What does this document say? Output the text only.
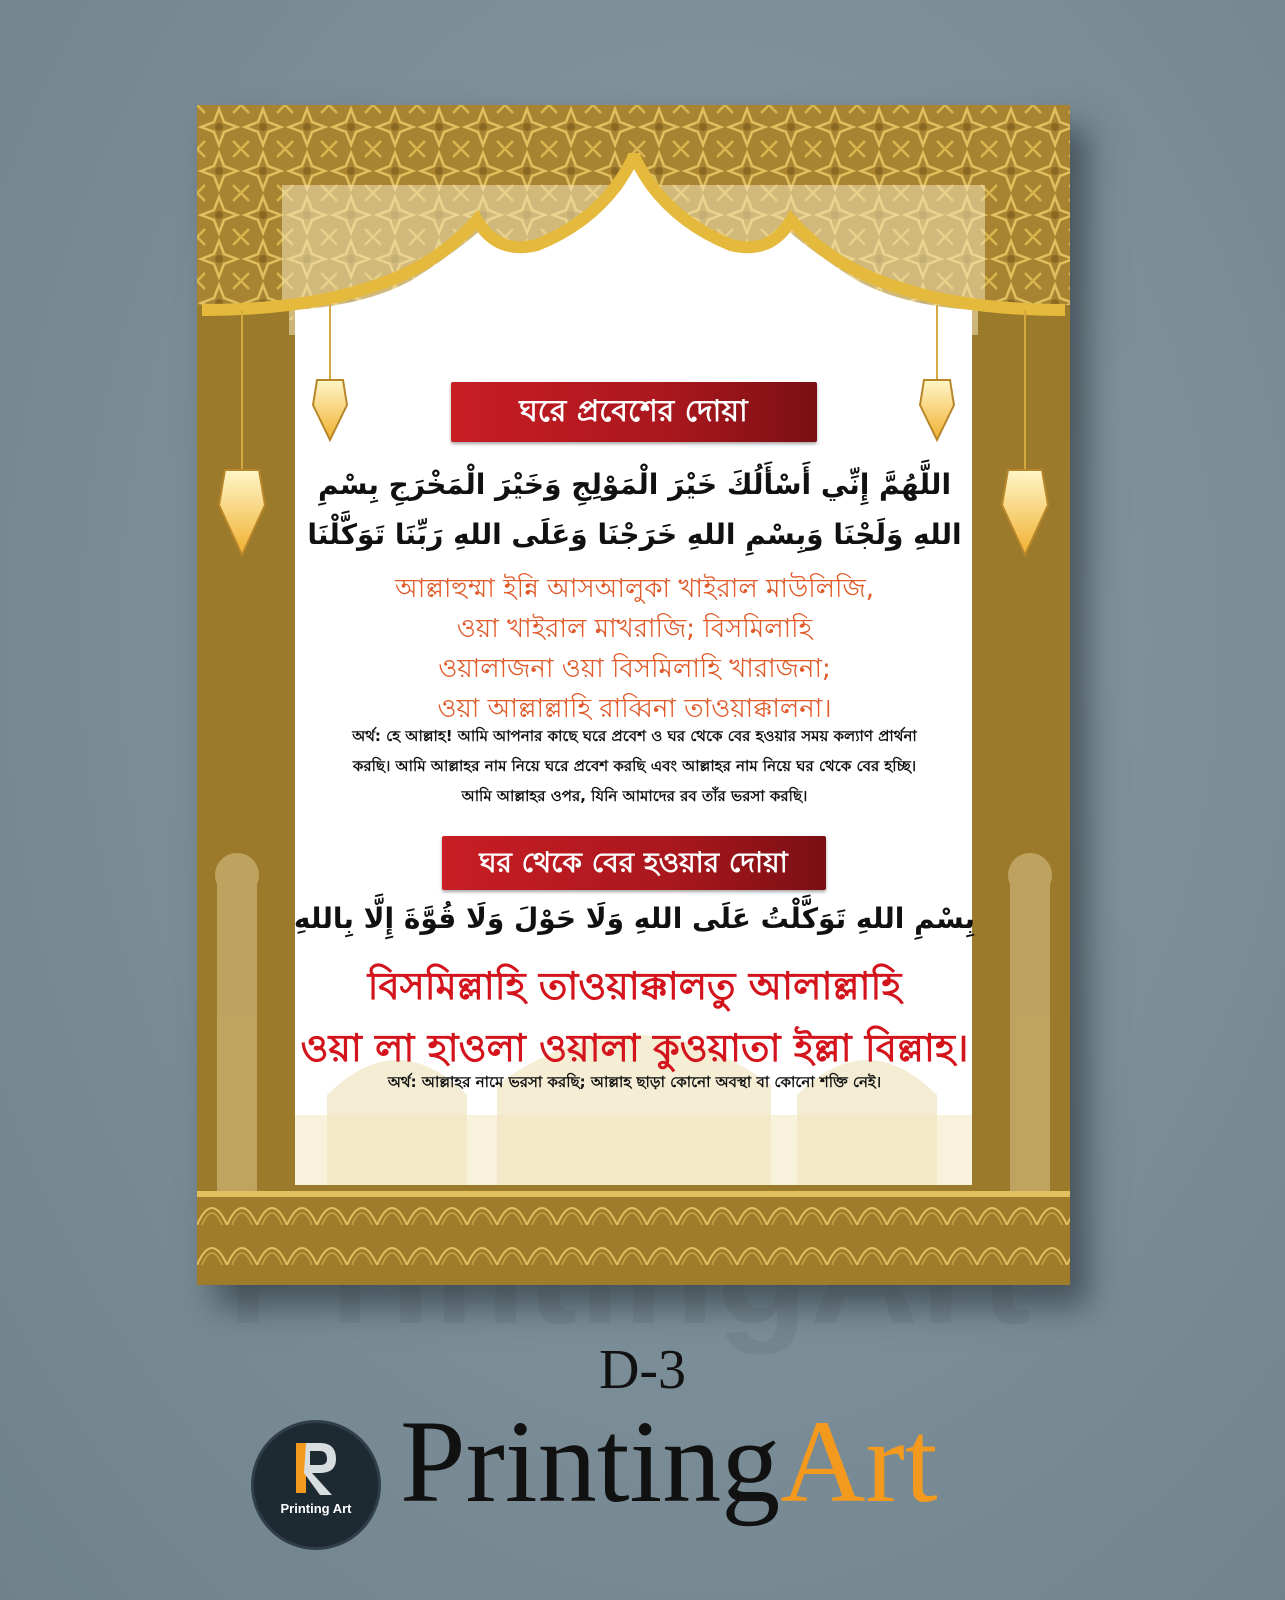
ঘরে প্রবেশের দোয়া
اللَّهُمَّ إِنِّي أَسْأَلُكَ خَيْرَ الْمَوْلِجِ وَخَيْرَ الْمَخْرَجِ بِسْمِ
اللهِ وَلَجْنَا وَبِسْمِ اللهِ خَرَجْنَا وَعَلَى اللهِ رَبِّنَا تَوَكَّلْنَا
আল্লাহুম্মা ইন্নি আসআলুকা খাইরাল মাউলিজি,
ওয়া খাইরাল মাখরাজি; বিসমিলাহি
ওয়ালাজনা ওয়া বিসমিলাহি খারাজনা;
ওয়া আল্লাল্লাহি রাব্বিনা তাওয়াক্কালনা।
অর্থ: হে আল্লাহ! আমি আপনার কাছে ঘরে প্রবেশ ও ঘর থেকে বের হওয়ার সময় কল্যাণ প্রার্থনা
করছি। আমি আল্লাহর নাম নিয়ে ঘরে প্রবেশ করছি এবং আল্লাহর নাম নিয়ে ঘর থেকে বের হচ্ছি।
আমি আল্লাহর ওপর, যিনি আমাদের রব তাঁর ভরসা করছি।
ঘর থেকে বের হওয়ার দোয়া
بِسْمِ اللهِ تَوَكَّلْتُ عَلَى اللهِ وَلَا حَوْلَ وَلَا قُوَّةَ إِلَّا بِاللهِ
বিসমিল্লাহি তাওয়াক্কালতু আলাল্লাহি
ওয়া লা হাওলা ওয়ালা কুওয়াতা ইল্লা বিল্লাহ।
অর্থ: আল্লাহর নামে ভরসা করছি; আল্লাহ ছাড়া কোনো অবস্থা বা কোনো শক্তি নেই।
D-3
Printing Art PrintingArt
